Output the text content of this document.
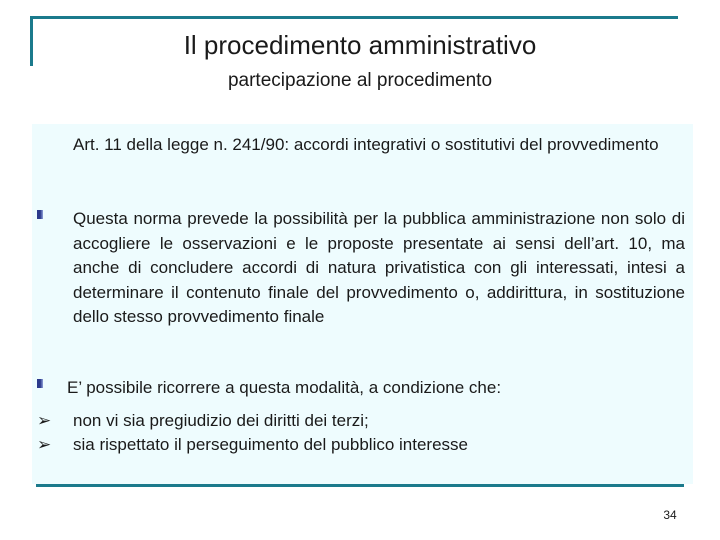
Il procedimento amministrativo
partecipazione al procedimento
Art. 11 della legge n. 241/90: accordi integrativi o sostitutivi del provvedimento
Questa norma prevede la possibilità per la pubblica amministrazione non solo di accogliere le osservazioni e le proposte presentate ai sensi dell’art. 10, ma anche di concludere accordi di natura privatistica con gli interessati, intesi a determinare il contenuto finale del provvedimento o, addirittura, in sostituzione dello stesso provvedimento finale
E’ possibile ricorrere a questa modalità, a condizione che:
➢ non vi sia pregiudizio dei diritti dei terzi;
➢ sia rispettato il perseguimento del pubblico interesse
34
